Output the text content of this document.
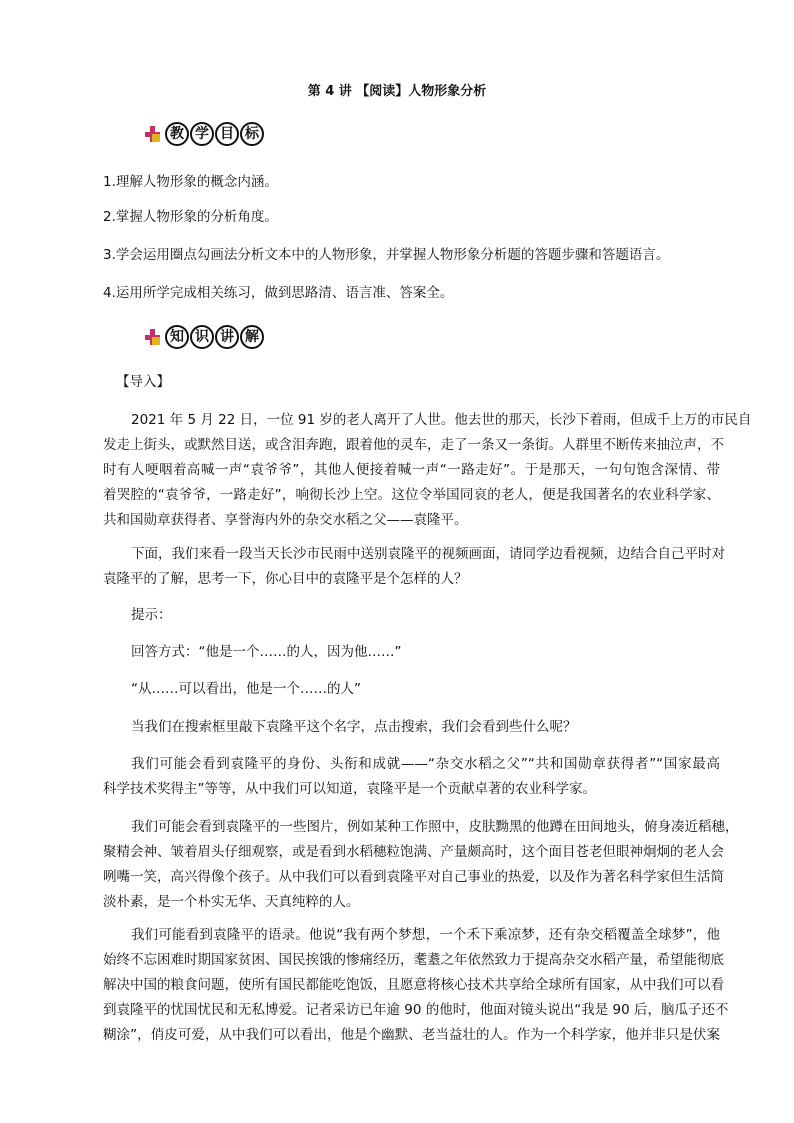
第 4 讲 【阅读】人物形象分析
教 学 目 标

1.理解人物形象的概念内涵。

2.掌握人物形象的分析角度。

3.学会运用圈点勾画法分析文本中的人物形象，并掌握人物形象分析题的答题步骤和答题语言。

4.运用所学完成相关练习，做到思路清、语言准、答案全。

知 识 讲 解

【导入】

2021 年 5 月 22 日，一位 91 岁的老人离开了人世。他去世的那天，长沙下着雨，但成千上万的市民自

发走上街头，或默然目送，或含泪奔跑，跟着他的灵车，走了一条又一条街。人群里不断传来抽泣声，不

时有人哽咽着高喊一声“袁爷爷”，其他人便接着喊一声“一路走好”。于是那天，一句句饱含深情、带

着哭腔的“袁爷爷，一路走好”，响彻长沙上空。这位令举国同哀的老人，便是我国著名的农业科学家、

共和国勋章获得者、享誉海内外的杂交水稻之父——袁隆平。

下面，我们来看一段当天长沙市民雨中送别袁隆平的视频画面，请同学边看视频，边结合自己平时对

袁隆平的了解，思考一下，你心目中的袁隆平是个怎样的人？

提示：

回答方式：“他是一个……的人，因为他……”

“从……可以看出，他是一个……的人”

当我们在搜索框里敲下袁隆平这个名字，点击搜索，我们会看到些什么呢？

我们可能会看到袁隆平的身份、头衔和成就——“杂交水稻之父”“共和国勋章获得者”“国家最高

科学技术奖得主”等等，从中我们可以知道，袁隆平是一个贡献卓著的农业科学家。

我们可能会看到袁隆平的一些图片，例如某种工作照中，皮肤黝黑的他蹲在田间地头，俯身凑近稻穗，

聚精会神、皱着眉头仔细观察，或是看到水稻穗粒饱满、产量颇高时，这个面目苍老但眼神炯炯的老人会

咧嘴一笑，高兴得像个孩子。从中我们可以看到袁隆平对自己事业的热爱，以及作为著名科学家但生活简

淡朴素，是一个朴实无华、天真纯粹的人。

我们可能看到袁隆平的语录。他说“我有两个梦想，一个禾下乘凉梦，还有杂交稻覆盖全球梦”，他

始终不忘困难时期国家贫困、国民挨饿的惨痛经历，耄耋之年依然致力于提高杂交水稻产量，希望能彻底

解决中国的粮食问题，使所有国民都能吃饱饭，且愿意将核心技术共享给全球所有国家，从中我们可以看

到袁隆平的忧国忧民和无私博爱。记者采访已年逾 90 的他时，他面对镜头说出“我是 90 后，脑瓜子还不

糊涂”，俏皮可爱，从中我们可以看出，他是个幽默、老当益壮的人。作为一个科学家，他并非只是伏案
